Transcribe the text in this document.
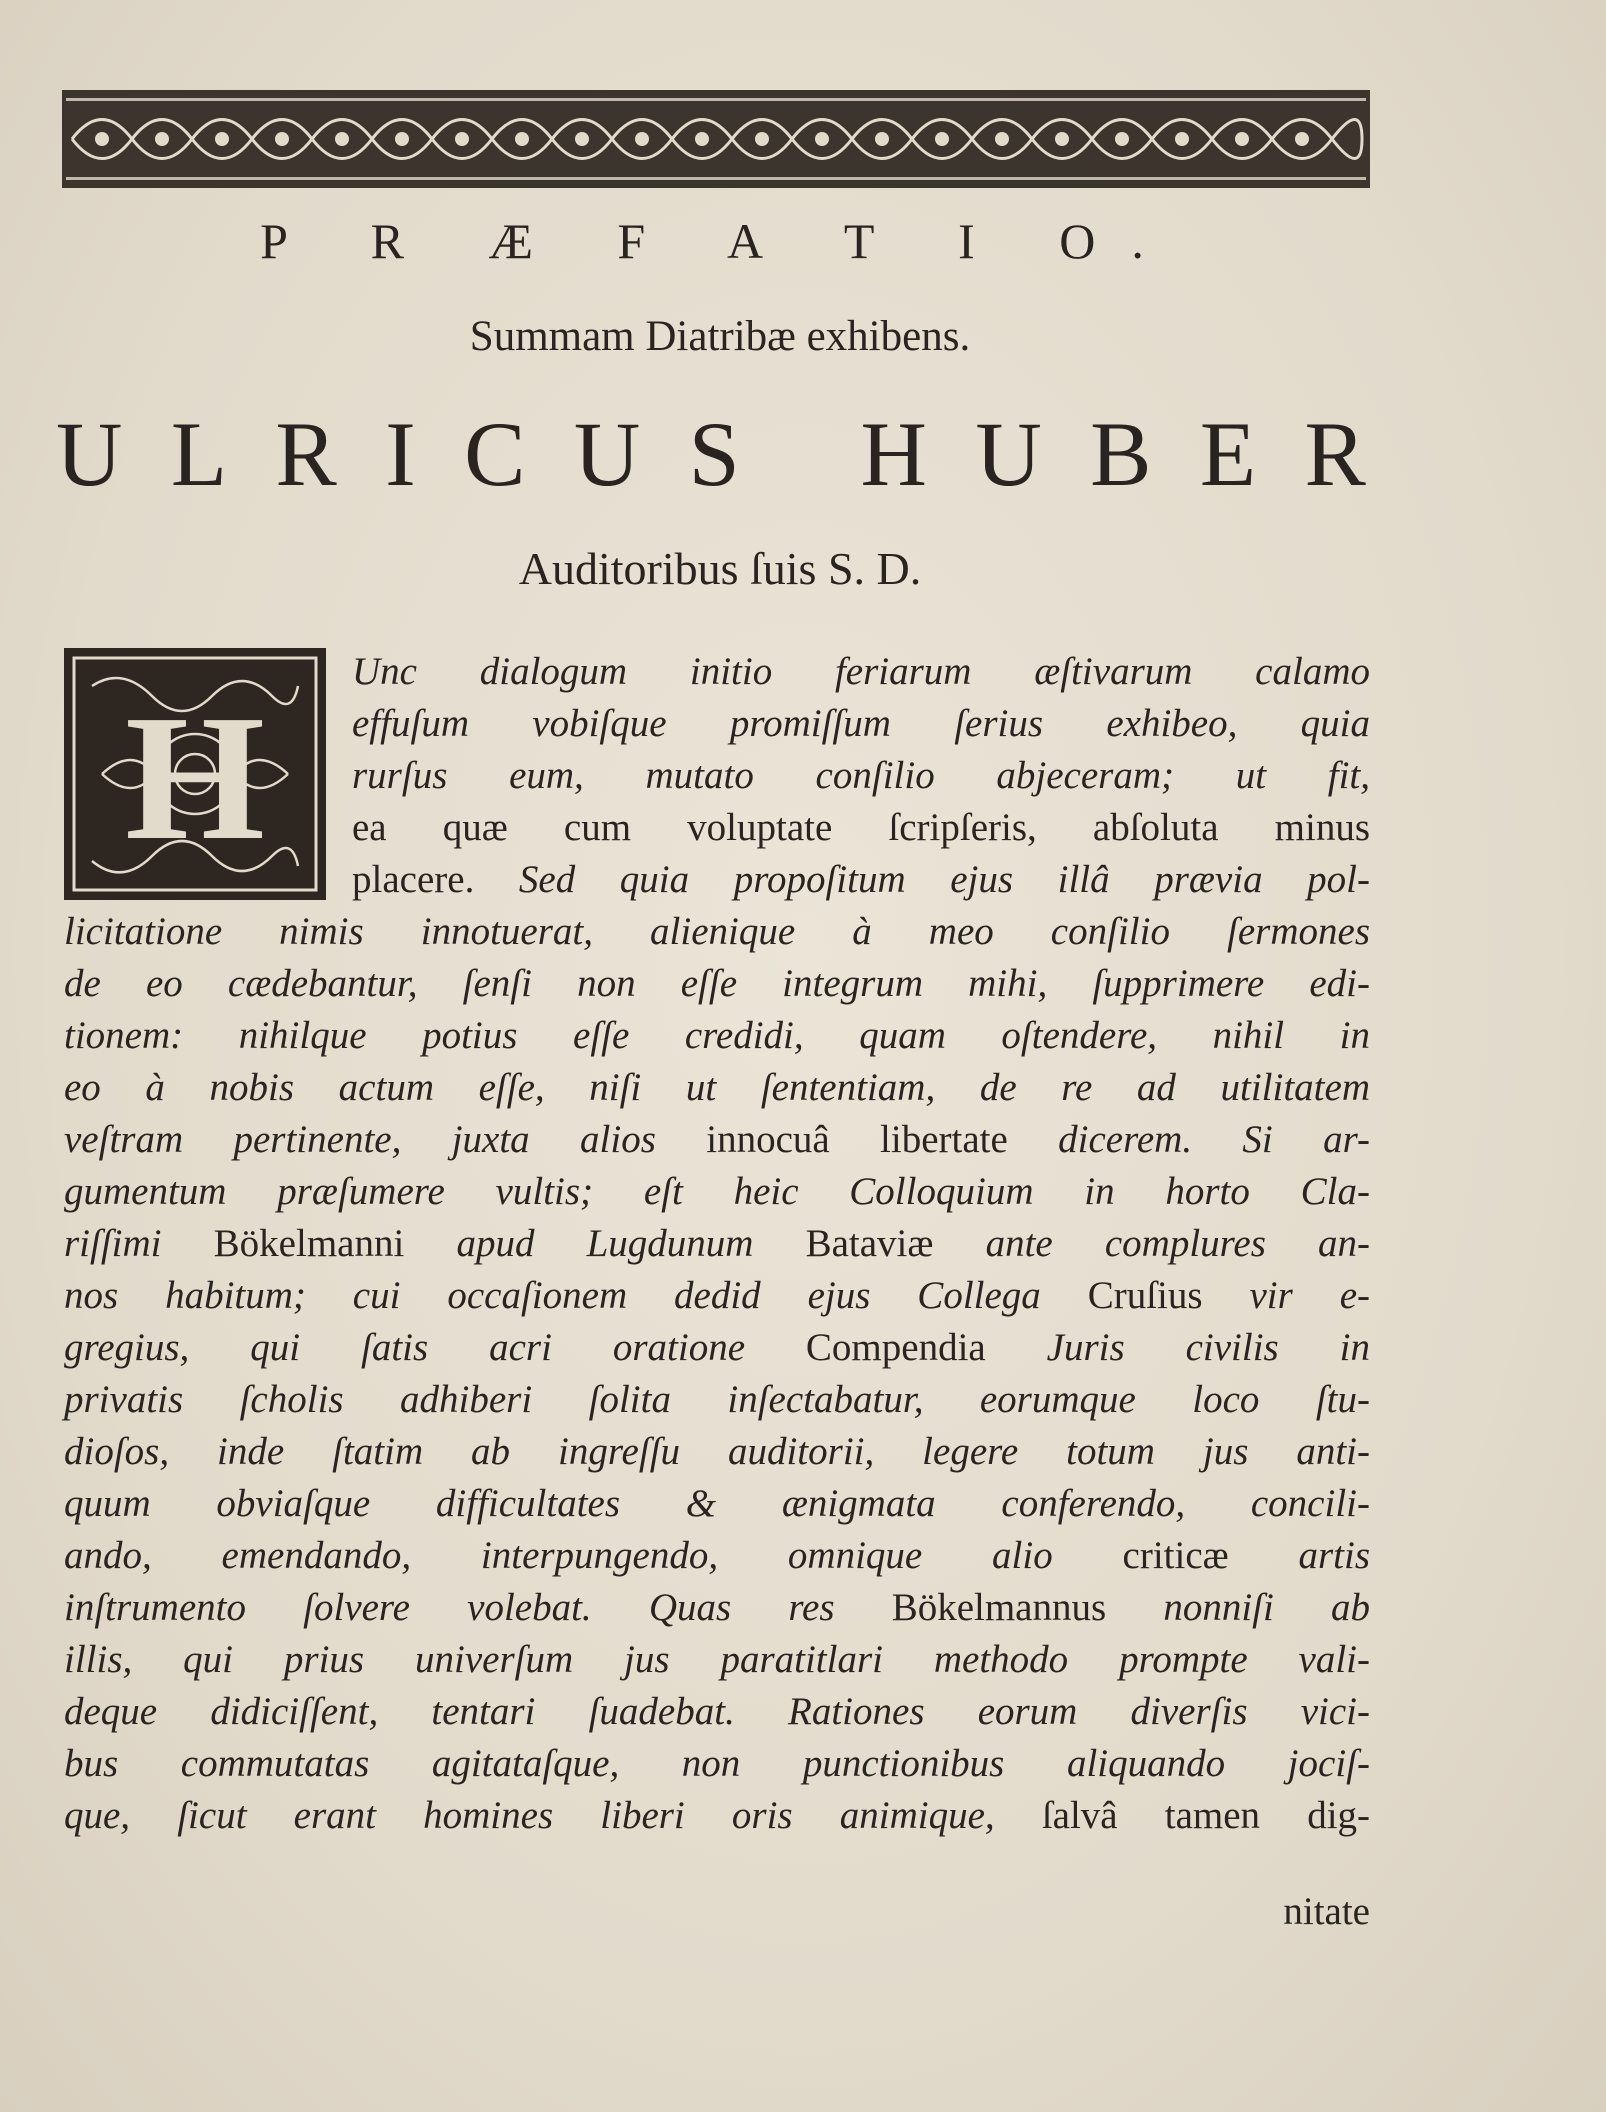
P R Æ F A T I O.
Summam Diatribæ exhibens.
U L R I C U S H U B E R
Auditoribus ſuis S. D.
H
Unc dialogum initio feriarum æſtivarum calamo
effuſum vobiſque promiſſum ſerius exhibeo, quia
rurſus eum, mutato conſilio abjeceram; ut fit,
ea quæ cum voluptate ſcripſeris, abſoluta minus
placere. Sed quia propoſitum ejus illâ prævia pol-
licitatione nimis innotuerat, alienique à meo conſilio ſermones
de eo cædebantur, ſenſi non eſſe integrum mihi, ſupprimere edi-
tionem: nihilque potius eſſe credidi, quam oſtendere, nihil in
eo à nobis actum eſſe, niſi ut ſententiam, de re ad utilitatem
veſtram pertinente, juxta alios innocuâ libertate dicerem. Si ar-
gumentum præſumere vultis; eſt heic Colloquium in horto Cla-
riſſimi Bökelmanni apud Lugdunum Bataviæ ante complures an-
nos habitum; cui occaſionem dedid ejus Collega Cruſius vir e-
gregius, qui ſatis acri oratione Compendia Juris civilis in
privatis ſcholis adhiberi ſolita inſectabatur, eorumque loco ſtu-
dioſos, inde ſtatim ab ingreſſu auditorii, legere totum jus anti-
quum obviaſque difficultates & ænigmata conferendo, concili-
ando, emendando, interpungendo, omnique alio criticæ artis
inſtrumento ſolvere volebat. Quas res Bökelmannus nonniſi ab
illis, qui prius univerſum jus paratitlari methodo prompte vali-
deque didiciſſent, tentari ſuadebat. Rationes eorum diverſis vici-
bus commutatas agitataſque, non punctionibus aliquando jociſ-
que, ſicut erant homines liberi oris animique, ſalvâ tamen dig-
nitate
